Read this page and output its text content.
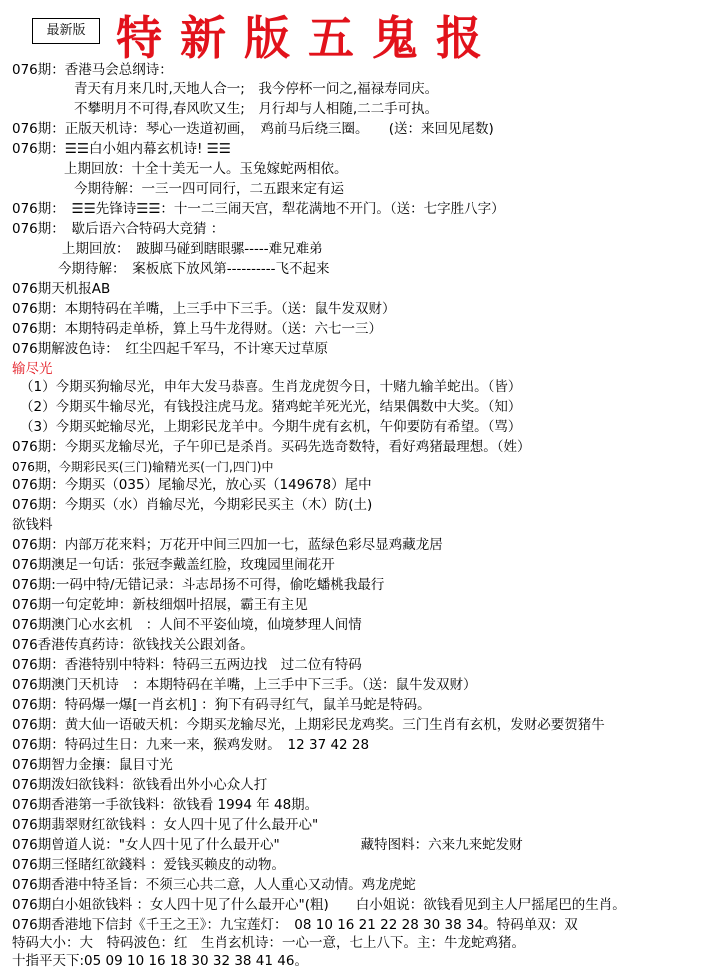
最新版 特新版五鬼报
076期：香港马会总纲诗：
青天有月来几时,天地人合一;　我今停杯一问之,福禄寿同庆。
不攀明月不可得,春风吹又生;　月行却与人相随,二二手可执。
076期：正版天机诗：琴心一迭道初画，　鸡前马后绕三圈。　　(送：来回见尾数)
076期：☰☰白小姐内幕玄机诗! ☰☰
上期回放：十全十美无一人。玉兔嫁蛇两相依。
今期待解：一三一四可同行，二五跟来定有运
076期：　☰☰先锋诗☰☰：十一二三闹天宫，犁花满地不开门。（送：七字胜八字）
076期：　歇后语六合特码大竞猜 ：
上期回放：　跛脚马碰到瞎眼骡-----难兄难弟
今期待解：　案板底下放风第----------飞不起来
076期天机报AB
076期：本期特码在羊嘴，上三手中下三手。（送：鼠牛发双财）
076期：本期特码走单桥，算上马牛龙得财。（送：六七一三）
076期解波色诗：　红尘四起千军马，不计寒天过草原
输尽光
（1）今期买狗输尽光，申年大发马恭喜。生肖龙虎贺今日，十赌九输羊蛇出。（皆）
（2）今期买牛输尽光，有钱投注虎马龙。猪鸡蛇羊死光光，结果偶数中大奖。（知）
（3）今期买蛇输尽光，上期彩民龙羊中。今期牛虎有玄机，午仰要防有希望。（骂）
076期：今期买龙输尽光，子午卯已是杀肖。买码先选奇数特，看好鸡猪最理想。（姓）
076期，今期彩民买(三门)输精光买(一门,四门)中
076期：今期买（035）尾输尽光，放心买（149678）尾中
076期：今期买（水）肖输尽光，今期彩民买主（木）防(土)
欲钱料
076期：内部万花来料；万花开中间三四加一七，蓝绿色彩尽显鸡藏龙居
076期澳足一句话：张冠李戴盖红脸，玫瑰园里闹花开
076期:一码中特/无错记录：斗志昂扬不可得，偷吃蟠桃我最行
076期一句定乾坤：新枝细烟叶招展，霸王有主见
076期澳门心水玄机　：人间不平姿仙境，仙境梦理人间情
076香港传真药诗：欲钱找关公跟刘备。
076期：香港特别中特料：特码三五两边找　过二位有特码
076期澳门天机诗　：本期特码在羊嘴，上三手中下三手。（送：鼠牛发双财）
076期：特码爆一爆[一肖玄机] ：狗下有码寻红气，鼠羊马蛇是特码。
076期：黄大仙一语破天机：今期买龙输尽光，上期彩民龙鸡奖。三门生肖有玄机，发财必要贺猪牛
076期：特码过生日：九来一来，猴鸡发财。　12 37 42 28
076期智力金攘：鼠目寸光
076期泼妇欲钱料：欲钱看出外小心众人打
076期香港第一手欲钱料：欲钱看 1994 年 48期。
076期翡翠财红欲钱料 ：女人四十见了什么最开心"
076期曾道人说："女人四十见了什么最开心"　　　　　　藏特图料：六来九来蛇发财
076期三怪睹红欲錢料 ：爱钱买赖皮的动物。
076期香港中特圣旨：不须三心共二意，人人重心又动情。鸡龙虎蛇
076期白小姐欲钱料 ：女人四十见了什么最开心"(粗)　　白小姐说：欲钱看见到主人尸摇尾巴的生肖。
076期香港地下信封《千王之王》：九宝莲灯：　08 10 16 21 22 28 30 38 34。特码单双：双
特码大小：大　特码波色：红　生肖玄机诗：一心一意，七上八下。主：牛龙蛇鸡猪。
十指平天下:05 09 10 16 18 30 32 38 41 46。
